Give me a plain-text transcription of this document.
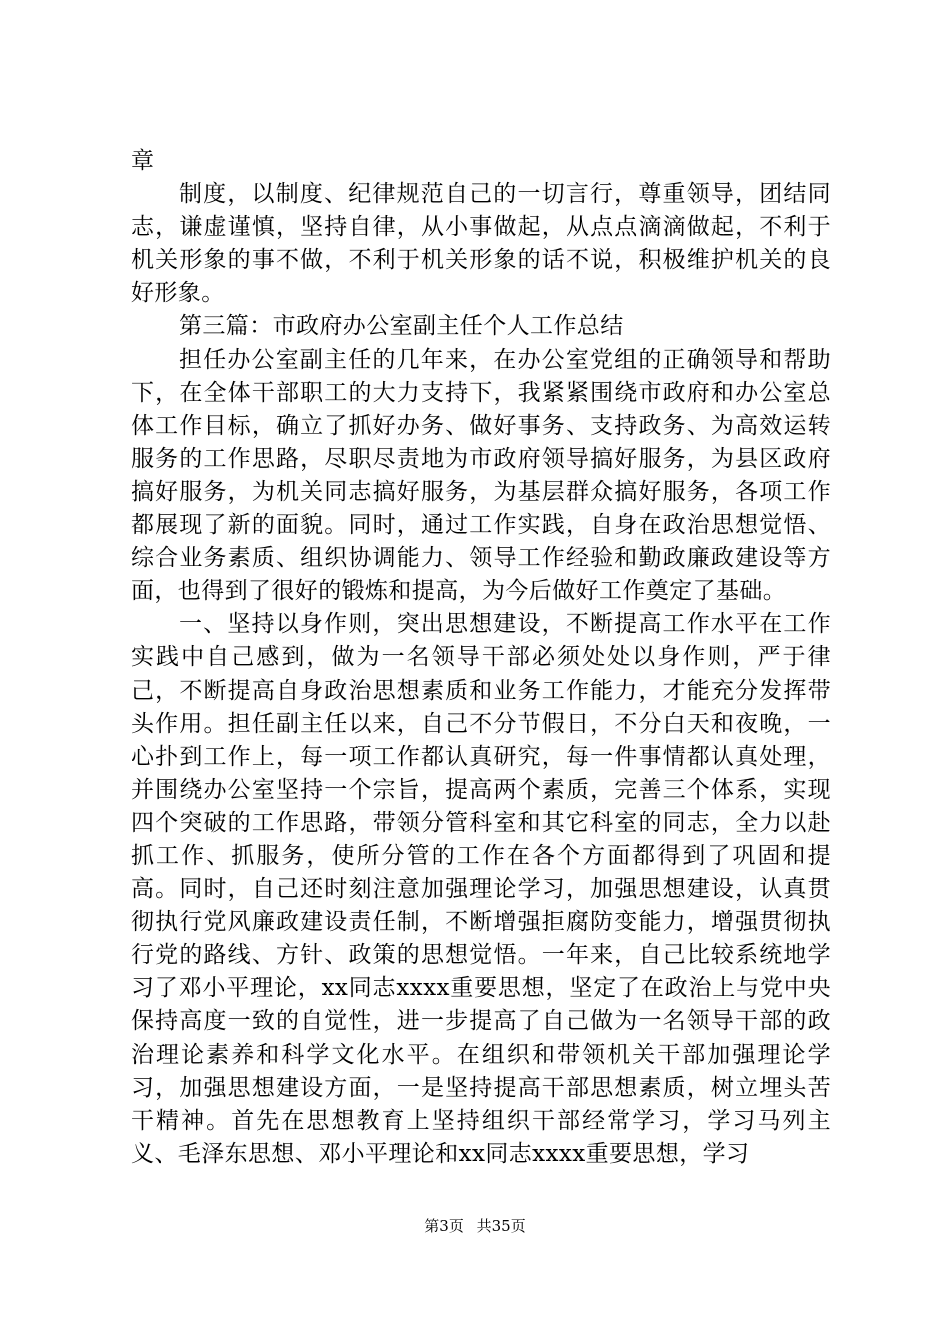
章

制度，以制度、纪律规范自己的一切言行，尊重领导，团结同志，谦虚谨慎，坚持自律，从小事做起，从点点滴滴做起，不利于机关形象的事不做，不利于机关形象的话不说，积极维护机关的良好形象。

第三篇：市政府办公室副主任个人工作总结

担任办公室副主任的几年来，在办公室党组的正确领导和帮助下，在全体干部职工的大力支持下，我紧紧围绕市政府和办公室总体工作目标，确立了抓好办务、做好事务、支持政务、为高效运转服务的工作思路，尽职尽责地为市政府领导搞好服务，为县区政府搞好服务，为机关同志搞好服务，为基层群众搞好服务，各项工作都展现了新的面貌。同时，通过工作实践，自身在政治思想觉悟、综合业务素质、组织协调能力、领导工作经验和勤政廉政建设等方面，也得到了很好的锻炼和提高，为今后做好工作奠定了基础。

一、坚持以身作则，突出思想建设，不断提高工作水平在工作实践中自己感到，做为一名领导干部必须处处以身作则，严于律己，不断提高自身政治思想素质和业务工作能力，才能充分发挥带头作用。担任副主任以来，自己不分节假日，不分白天和夜晚，一心扑到工作上，每一项工作都认真研究，每一件事情都认真处理，并围绕办公室坚持一个宗旨，提高两个素质，完善三个体系，实现四个突破的工作思路，带领分管科室和其它科室的同志，全力以赴抓工作、抓服务，使所分管的工作在各个方面都得到了巩固和提高。同时，自己还时刻注意加强理论学习，加强思想建设，认真贯彻执行党风廉政建设责任制，不断增强拒腐防变能力，增强贯彻执行党的路线、方针、政策的思想觉悟。一年来，自己比较系统地学习了邓小平理论，xx同志xxxx重要思想，坚定了在政治上与党中央保持高度一致的自觉性，进一步提高了自己做为一名领导干部的政治理论素养和科学文化水平。在组织和带领机关干部加强理论学习，加强思想建设方面，一是坚持提高干部思想素质，树立埋头苦干精神。首先在思想教育上坚持组织干部经常学习，学习马列主义、毛泽东思想、邓小平理论和xx同志xxxx重要思想，学习

第3页 共35页
